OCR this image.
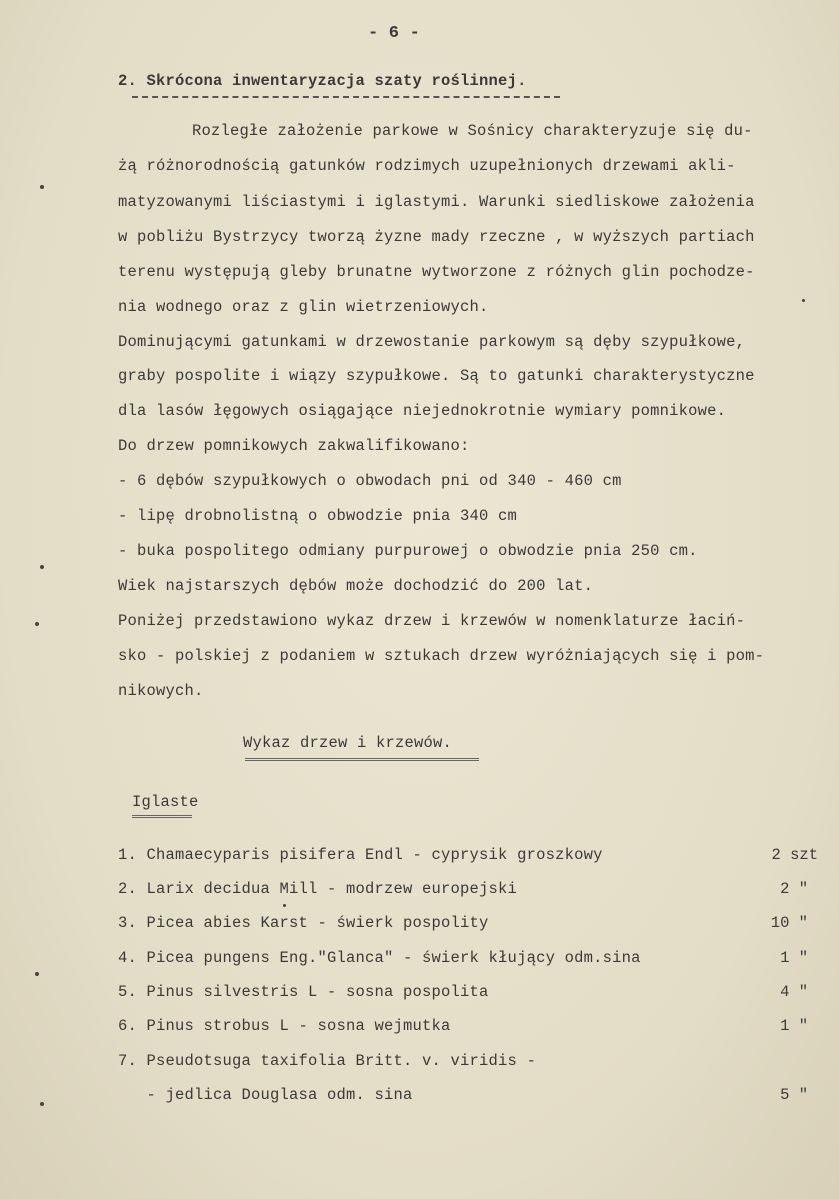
- 6 -
2. Skrócona inwentaryzacja szaty roślinnej.
Rozległe założenie parkowe w Sośnicy charakteryzuje się du-
żą różnorodnością gatunków rodzimych uzupełnionych drzewami akli-
matyzowanymi liściastymi i iglastymi. Warunki siedliskowe założenia
w pobliżu Bystrzycy tworzą żyzne mady rzeczne , w wyższych partiach
terenu występują gleby brunatne wytworzone z różnych glin pochodze-
nia wodnego oraz z glin wietrzeniowych.
Dominującymi gatunkami w drzewostanie parkowym są dęby szypułkowe,
graby pospolite i wiązy szypułkowe. Są to gatunki charakterystyczne
dla lasów łęgowych osiągające niejednokrotnie wymiary pomnikowe.
Do drzew pomnikowych zakwalifikowano:
- 6 dębów szypułkowych o obwodach pni od 340 - 460 cm
- lipę drobnolistną o obwodzie pnia 340 cm
- buka pospolitego odmiany purpurowej o obwodzie pnia 250 cm.
Wiek najstarszych dębów może dochodzić do 200 lat.
Poniżej przedstawiono wykaz drzew i krzewów w nomenklaturze łaciń-
sko - polskiej z podaniem w sztukach drzew wyróżniających się i pom-
nikowych.
Wykaz drzew i krzewów.
Iglaste
1. Chamaecyparis pisifera Endl - cyprysik groszkowy	2 szt
2. Larix decidua Mill - modrzew europejski	2 "
3. Picea abies Karst - świerk pospolity	10 "
4. Picea pungens Eng."Glanca" - świerk kłujący odm.sina	1 "
5. Pinus silvestris L - sosna pospolita	4 "
6. Pinus strobus L - sosna wejmutka	1 "
7. Pseudotsuga taxifolia Britt. v. viridis -
- jedlica Douglasa odm. sina	5 "
